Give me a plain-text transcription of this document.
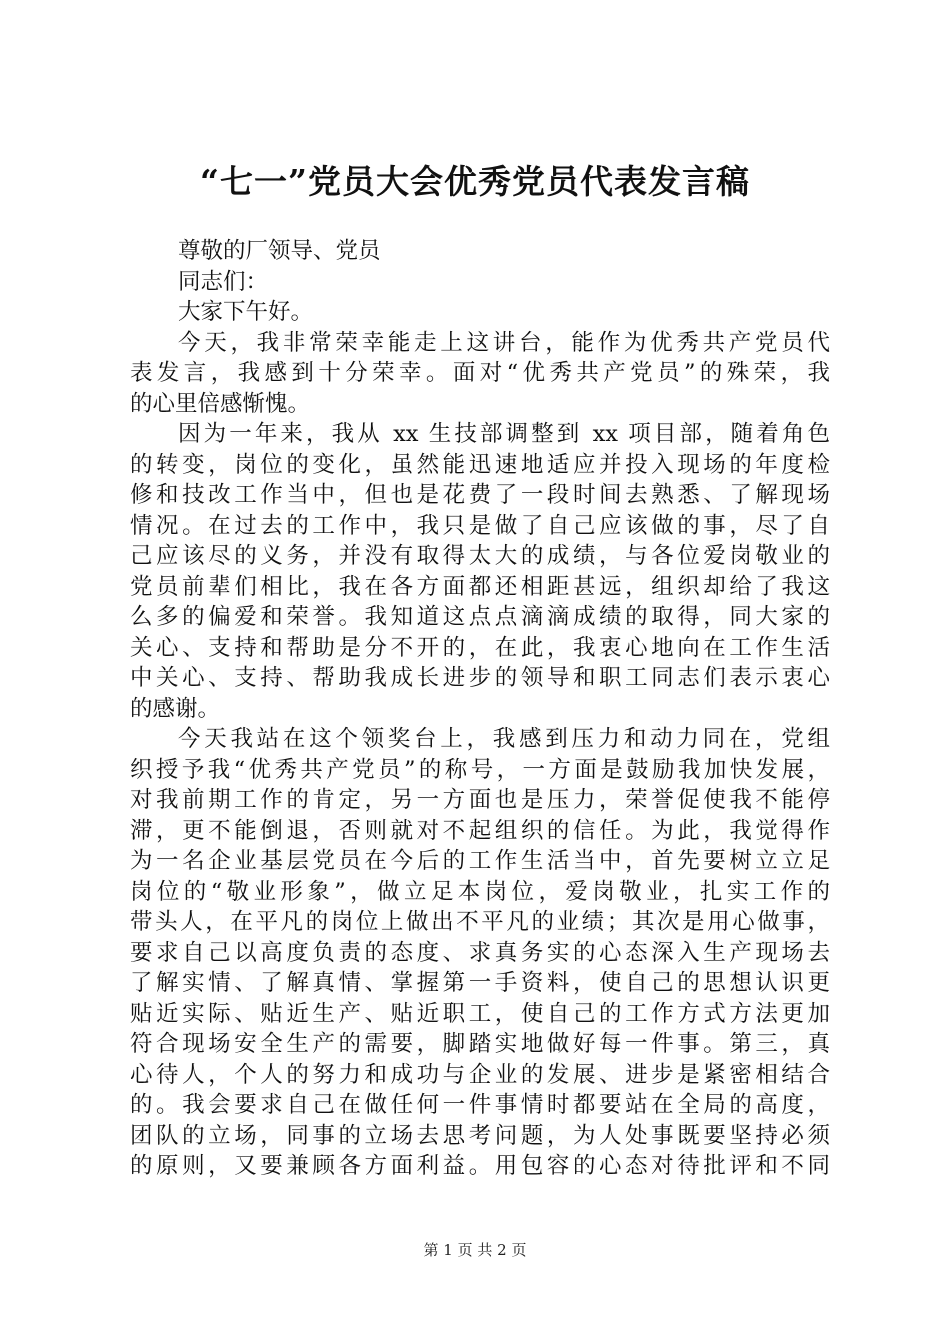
“七一”党员大会优秀党员代表发言稿
尊敬的厂领导、党员
同志们：
大家下午好。
今天，我非常荣幸能走上这讲台，能作为优秀共产党员代
表发言，我感到十分荣幸。面对“优秀共产党员”的殊荣，我
的心里倍感惭愧。
因为一年来，我从 xx 生技部调整到 xx 项目部，随着角色
的转变，岗位的变化，虽然能迅速地适应并投入现场的年度检
修和技改工作当中，但也是花费了一段时间去熟悉、了解现场
情况。在过去的工作中，我只是做了自己应该做的事，尽了自
己应该尽的义务，并没有取得太大的成绩，与各位爱岗敬业的
党员前辈们相比，我在各方面都还相距甚远，组织却给了我这
么多的偏爱和荣誉。我知道这点点滴滴成绩的取得，同大家的
关心、支持和帮助是分不开的，在此，我衷心地向在工作生活
中关心、支持、帮助我成长进步的领导和职工同志们表示衷心
的感谢。
今天我站在这个领奖台上，我感到压力和动力同在，党组
织授予我“优秀共产党员”的称号，一方面是鼓励我加快发展，
对我前期工作的肯定，另一方面也是压力，荣誉促使我不能停
滞，更不能倒退，否则就对不起组织的信任。为此，我觉得作
为一名企业基层党员在今后的工作生活当中，首先要树立立足
岗位的“敬业形象”，做立足本岗位，爱岗敬业，扎实工作的
带头人，在平凡的岗位上做出不平凡的业绩；其次是用心做事，
要求自己以高度负责的态度、求真务实的心态深入生产现场去
了解实情、了解真情、掌握第一手资料，使自己的思想认识更
贴近实际、贴近生产、贴近职工，使自己的工作方式方法更加
符合现场安全生产的需要，脚踏实地做好每一件事。第三，真
心待人，个人的努力和成功与企业的发展、进步是紧密相结合
的。我会要求自己在做任何一件事情时都要站在全局的高度，
团队的立场，同事的立场去思考问题，为人处事既要坚持必须
的原则，又要兼顾各方面利益。用包容的心态对待批评和不同
第 1 页 共 2 页
